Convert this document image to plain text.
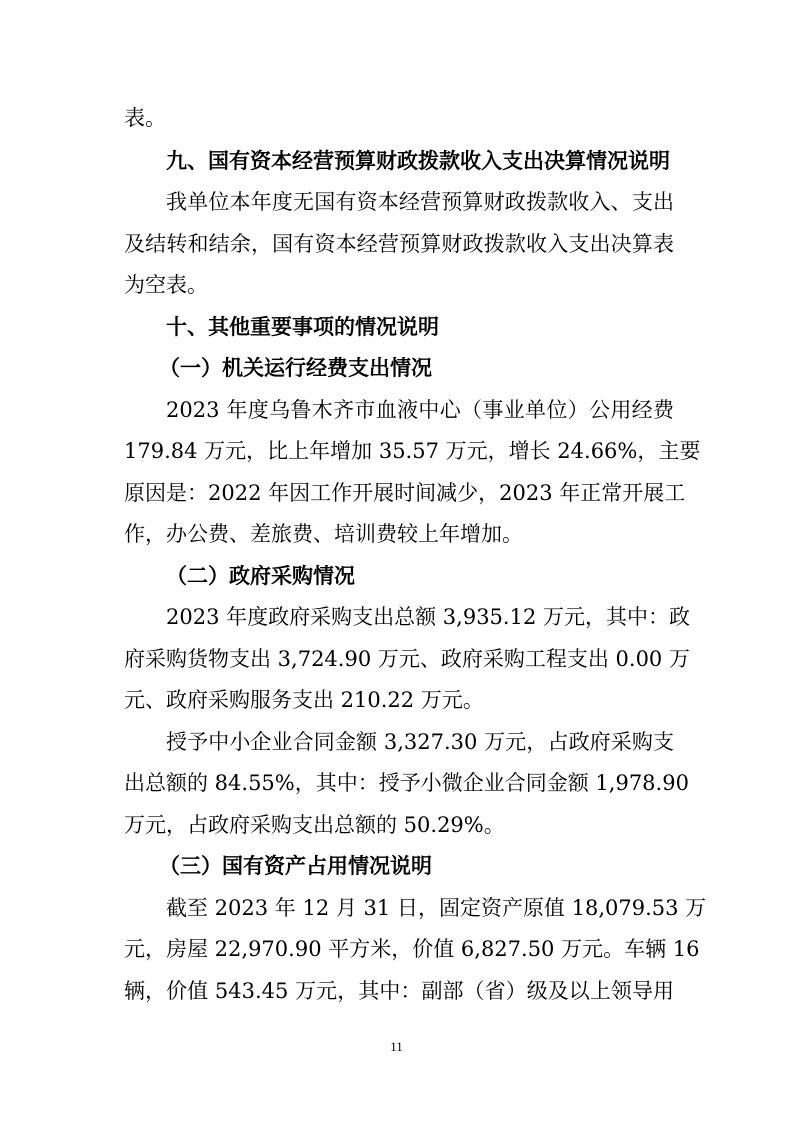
表。
九、国有资本经营预算财政拨款收入支出决算情况说明
我单位本年度无国有资本经营预算财政拨款收入、支出
及结转和结余，国有资本经营预算财政拨款收入支出决算表
为空表。
十、其他重要事项的情况说明
（一）机关运行经费支出情况
2023 年度乌鲁木齐市血液中心（事业单位）公用经费
179.84 万元，比上年增加 35.57 万元，增长 24.66%，主要
原因是：2022 年因工作开展时间减少，2023 年正常开展工
作，办公费、差旅费、培训费较上年增加。
（二）政府采购情况
2023 年度政府采购支出总额 3,935.12 万元，其中：政
府采购货物支出 3,724.90 万元、政府采购工程支出 0.00 万
元、政府采购服务支出 210.22 万元。
授予中小企业合同金额 3,327.30 万元，占政府采购支
出总额的 84.55%，其中：授予小微企业合同金额 1,978.90
万元，占政府采购支出总额的 50.29%。
（三）国有资产占用情况说明
截至 2023 年 12 月 31 日，固定资产原值 18,079.53 万
元，房屋 22,970.90 平方米，价值 6,827.50 万元。车辆 16
辆，价值 543.45 万元，其中：副部（省）级及以上领导用
11
